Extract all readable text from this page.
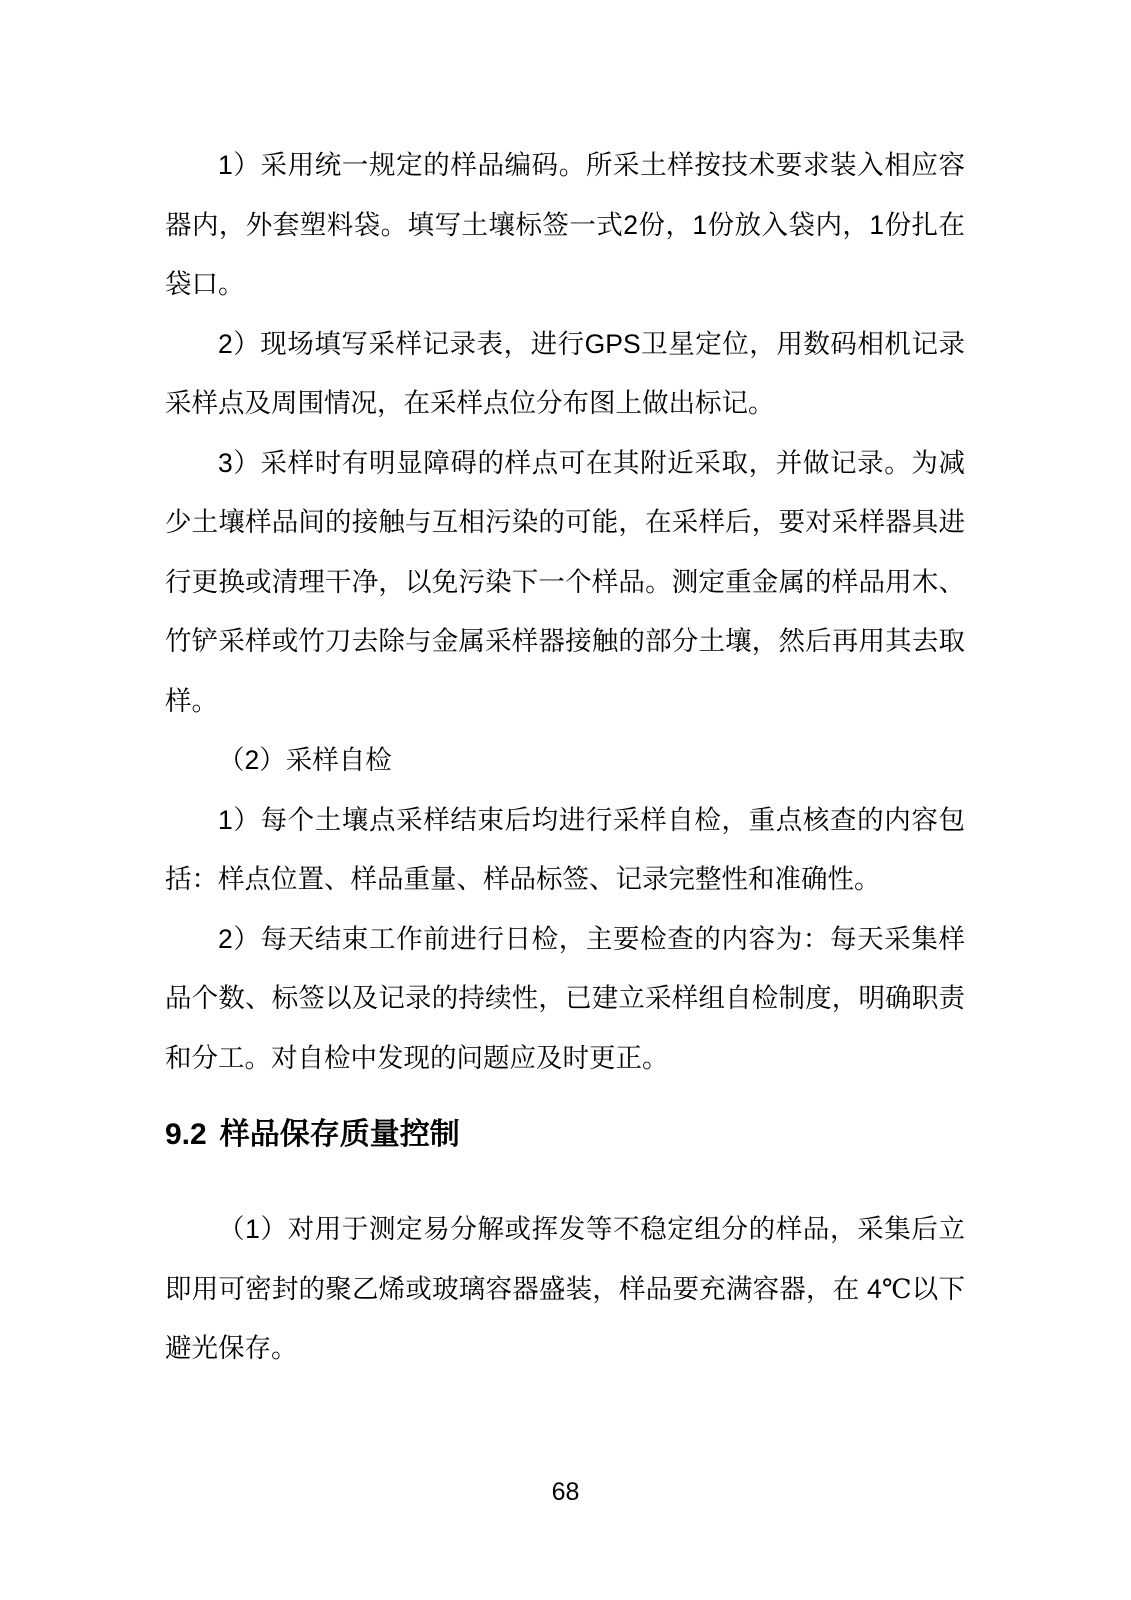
1）采用统一规定的样品编码。所采土样按技术要求装入相应容
器内，外套塑料袋。填写土壤标签一式2份，1份放入袋内，1份扎在
袋口。
2）现场填写采样记录表，进行GPS卫星定位，用数码相机记录
采样点及周围情况，在采样点位分布图上做出标记。
3）采样时有明显障碍的样点可在其附近采取，并做记录。为减
少土壤样品间的接触与互相污染的可能，在采样后，要对采样器具进
行更换或清理干净，以免污染下一个样品。测定重金属的样品用木、
竹铲采样或竹刀去除与金属采样器接触的部分土壤，然后再用其去取
样。
（2）采样自检
1）每个土壤点采样结束后均进行采样自检，重点核查的内容包
括：样点位置、样品重量、样品标签、记录完整性和准确性。
2）每天结束工作前进行日检，主要检查的内容为：每天采集样
品个数、标签以及记录的持续性，已建立采样组自检制度，明确职责
和分工。对自检中发现的问题应及时更正。
9.2 样品保存质量控制
（1）对用于测定易分解或挥发等不稳定组分的样品，采集后立
即用可密封的聚乙烯或玻璃容器盛装，样品要充满容器，在 4℃以下
避光保存。
68
